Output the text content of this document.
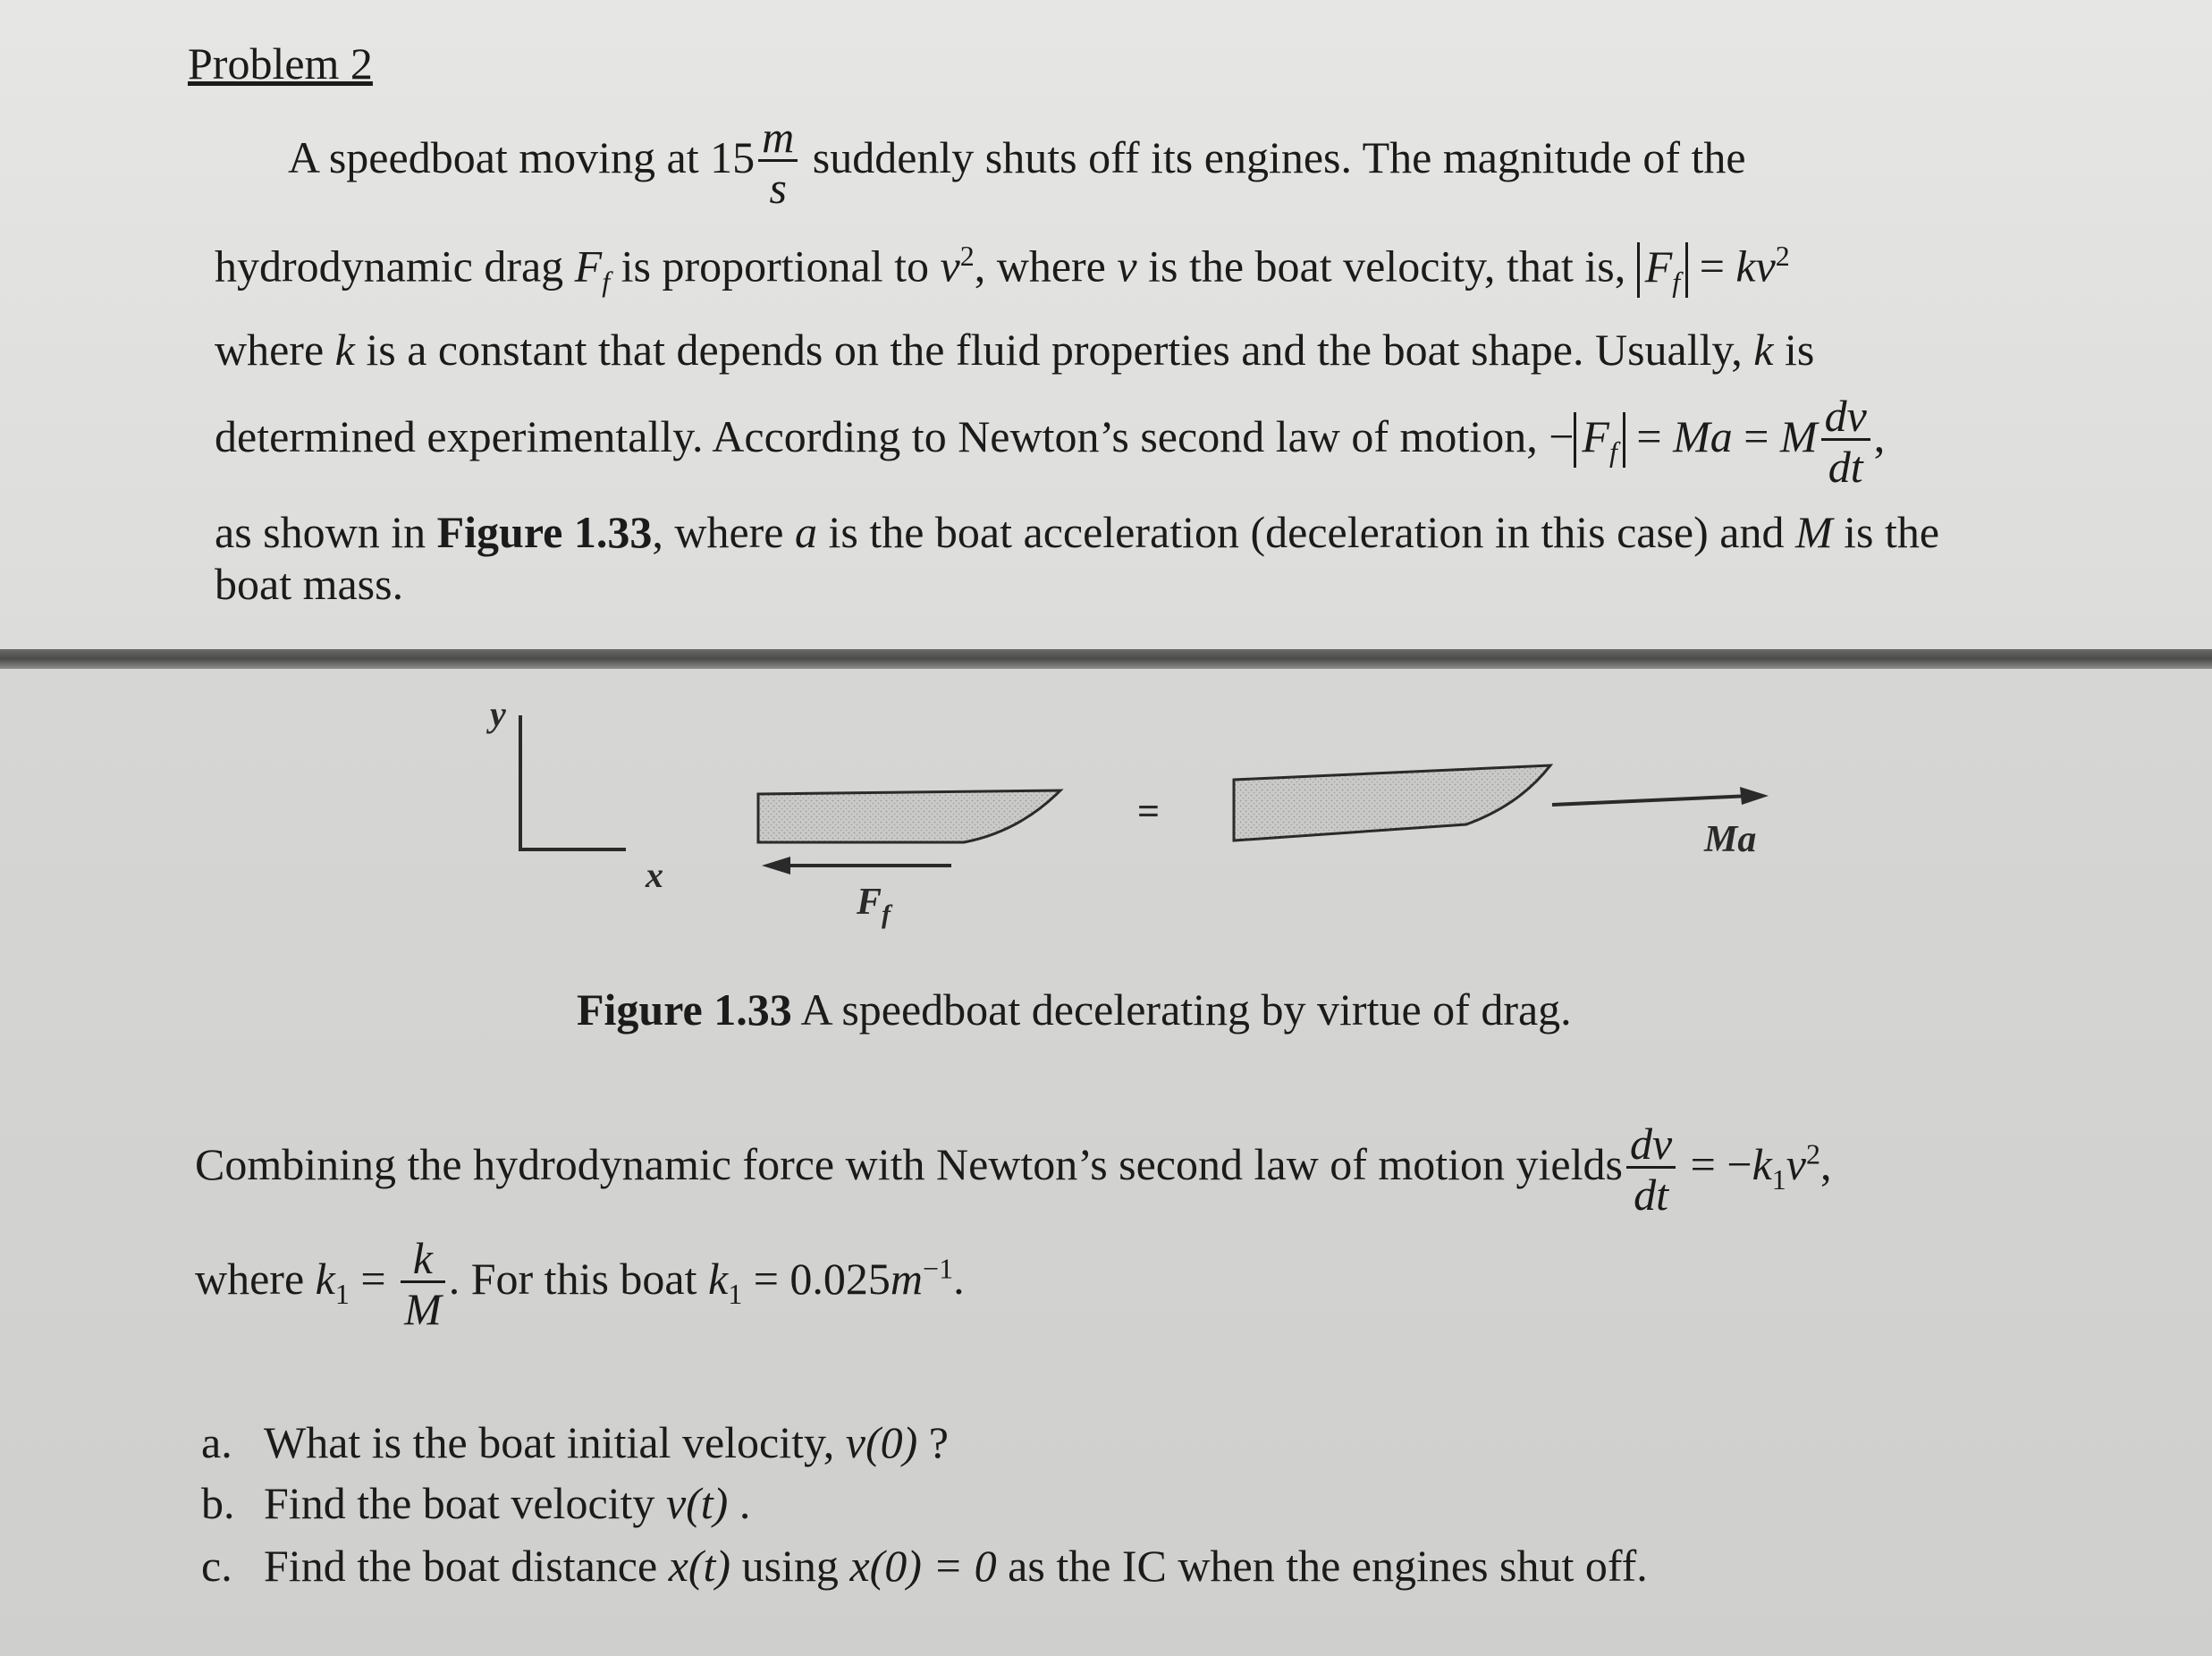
Problem 2
A speedboat moving at $15 \frac{m}{s}$ suddenly shuts off its engines. The magnitude of the
hydrodynamic drag $F_f$ is proportional to $v^2$, where v is the boat velocity, that is, $F_f = kv^2$
where k is a constant that depends on the fluid properties and the boat shape. Usually, k is
determined experimentally. According to Newton’s second law of motion, − $F_f = Ma = M \frac{dv}{dt}$ ,
as shown in Figure 1.33, where a is the boat acceleration (deceleration in this case) and M is the
boat mass.
y
x
$F_f$
=
Ma
Figure 1.33 A speedboat decelerating by virtue of drag.
Combining the hydrodynamic force with Newton’s second law of motion yields $\frac{dv}{dt} = -k_1v^2$,
where $k_1 = \frac{k}{M}$ . For this boat $k_1 = 0.025m^{-1}$.
a. What is the boat initial velocity, v(0) ?
b. Find the boat velocity v(t) .
c. Find the boat distance x(t) using x(0) = 0 as the IC when the engines shut off.
